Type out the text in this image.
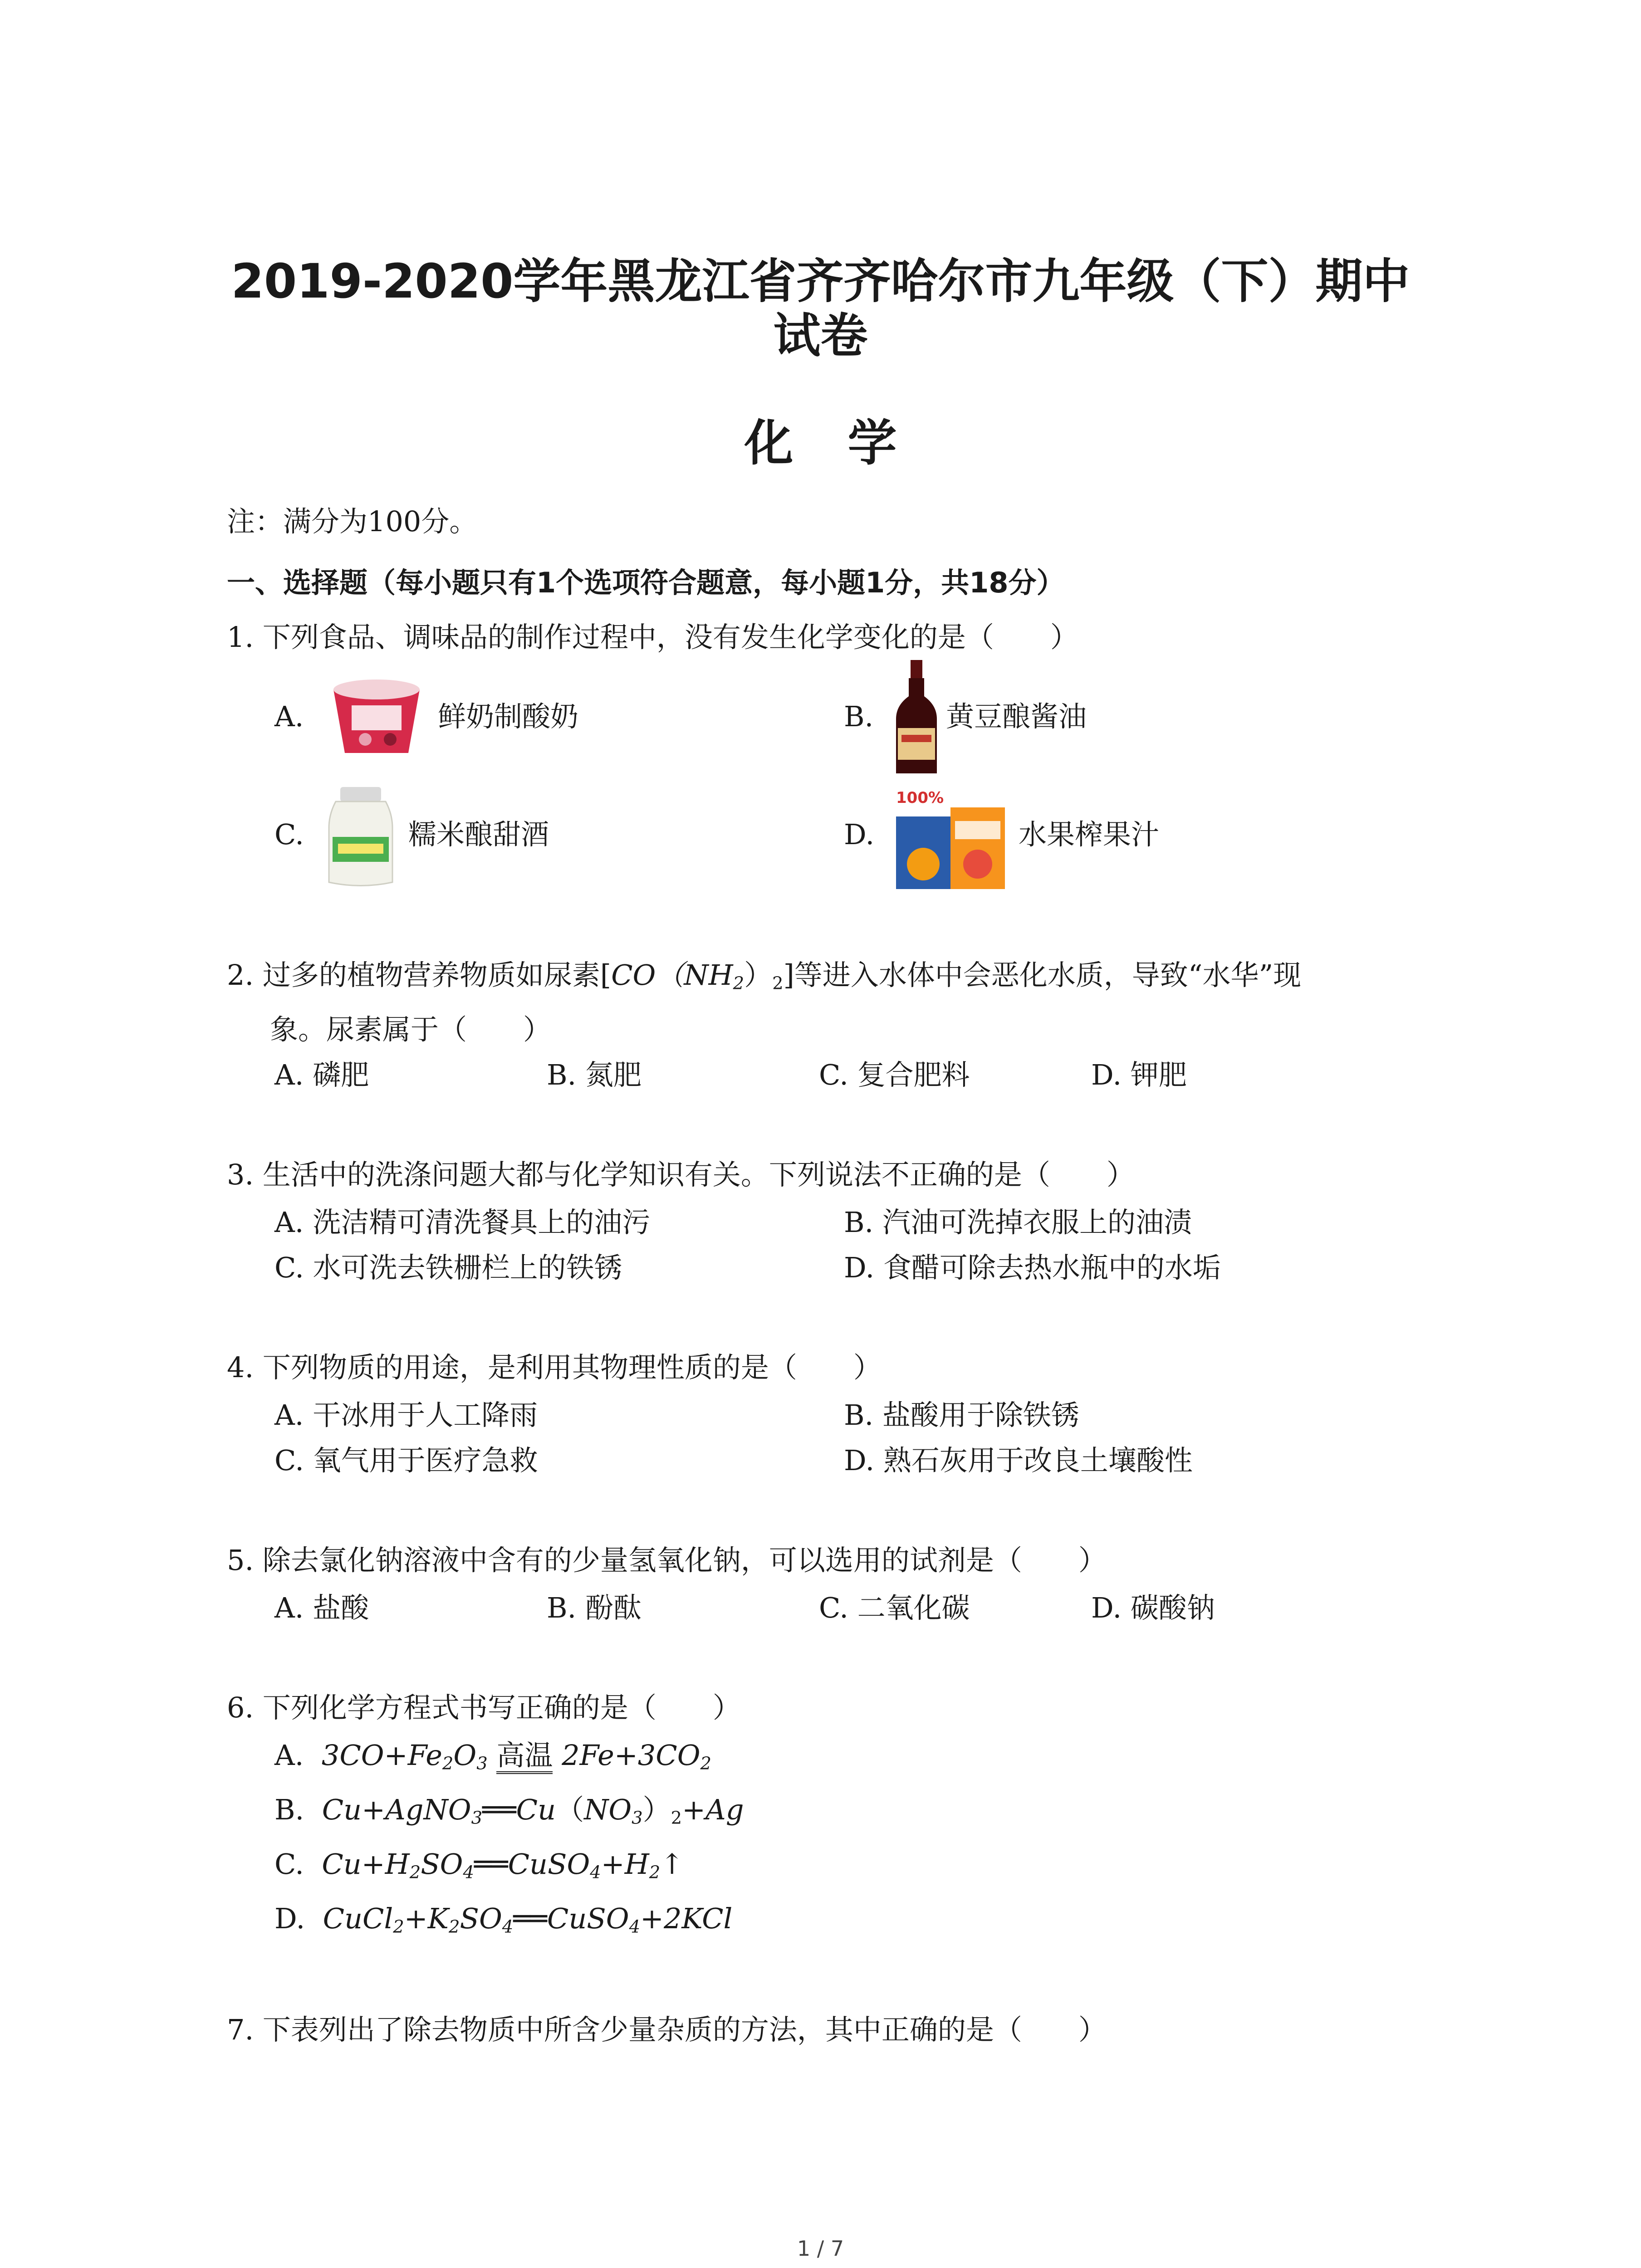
2019-2020学年黑龙江省齐齐哈尔市九年级（下）期中
试卷
化学
注：满分为100分。
一、选择题（每小题只有1个选项符合题意，每小题1分，共18分）
1. 下列食品、调味品的制作过程中，没有发生化学变化的是（　　）
A.	鲜奶制酸奶	B.	黄豆酿酱油
C.	糯米酿甜酒	D.
100%
水果榨果汁
2. 过多的植物营养物质如尿素$[CO(NH_2)_2]$等进入水体中会恶化水质，导致“水华”现
象。尿素属于（　　）
A. 磷肥	B. 氮肥	C. 复合肥料	D. 钾肥
3. 生活中的洗涤问题大都与化学知识有关。下列说法不正确的是（　　）
A. 洗洁精可清洗餐具上的油污	B. 汽油可洗掉衣服上的油渍
C. 水可洗去铁栅栏上的铁锈	D. 食醋可除去热水瓶中的水垢
4. 下列物质的用途，是利用其物理性质的是（　　）
A. 干冰用于人工降雨	B. 盐酸用于除铁锈
C. 氧气用于医疗急救	D. 熟石灰用于改良土壤酸性
5. 除去氯化钠溶液中含有的少量氢氧化钠，可以选用的试剂是（　　）
A. 盐酸	B. 酚酞	C. 二氧化碳	D. 碳酸钠
6. 下列化学方程式书写正确的是（　　）
A. $3CO+Fe_2O_3$ 高温 $2Fe+3CO_2$
B. $Cu+AgNO_3══Cu(NO_3)_2+Ag$
C. $Cu+H_2SO_4══CuSO_4+H_2↑$
D. $CuCl_2+K_2SO_4══CuSO_4+2KCl$
7. 下表列出了除去物质中所含少量杂质的方法，其中正确的是（　　）
1 / 7
